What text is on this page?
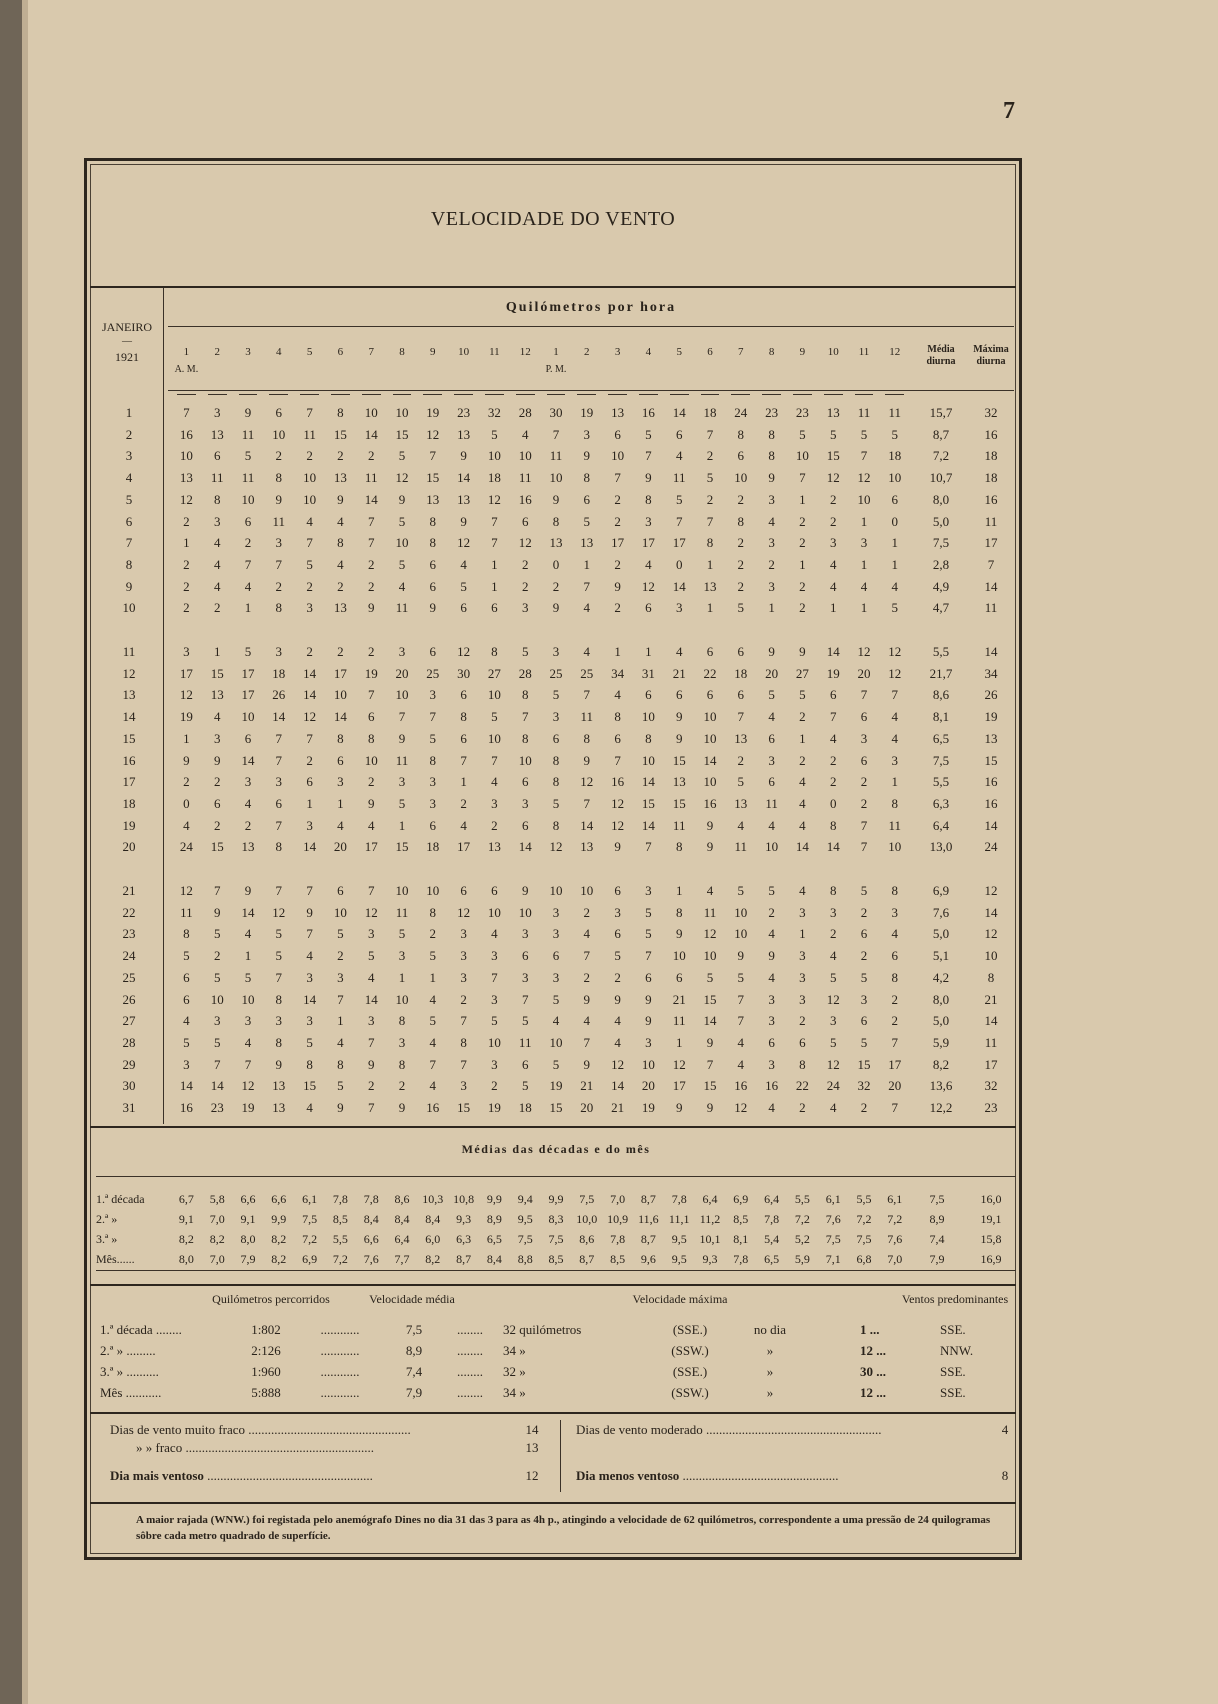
7
VELOCIDADE DO VENTO
JANEIRO
—
1921
Quilómetros por hora
1	2	3	4	5	6	7	8	9	10	11	12	1	2	3	4	5	6	7	8	9	10	11	12
A. M.	P. M.
Média diurna
Máxima diurna
1	7	3	9	6	7	8	10	10	19	23	32	28	30	19	13	16	14	18	24	23	23	13	11	11	15,7	32
2	16	13	11	10	11	15	14	15	12	13	5	4	7	3	6	5	6	7	8	8	5	5	5	5	8,7	16
3	10	6	5	2	2	2	2	5	7	9	10	10	11	9	10	7	4	2	6	8	10	15	7	18	7,2	18
4	13	11	11	8	10	13	11	12	15	14	18	11	10	8	7	9	11	5	10	9	7	12	12	10	10,7	18
5	12	8	10	9	10	9	14	9	13	13	12	16	9	6	2	8	5	2	2	3	1	2	10	6	8,0	16
6	2	3	6	11	4	4	7	5	8	9	7	6	8	5	2	3	7	7	8	4	2	2	1	0	5,0	11
7	1	4	2	3	7	8	7	10	8	12	7	12	13	13	17	17	17	8	2	3	2	3	3	1	7,5	17
8	2	4	7	7	5	4	2	5	6	4	1	2	0	1	2	4	0	1	2	2	1	4	1	1	2,8	7
9	2	4	4	2	2	2	2	4	6	5	1	2	2	7	9	12	14	13	2	3	2	4	4	4	4,9	14
10	2	2	1	8	3	13	9	11	9	6	6	3	9	4	2	6	3	1	5	1	2	1	1	5	4,7	11
11	3	1	5	3	2	2	2	3	6	12	8	5	3	4	1	1	4	6	6	9	9	14	12	12	5,5	14
12	17	15	17	18	14	17	19	20	25	30	27	28	25	25	34	31	21	22	18	20	27	19	20	12	21,7	34
13	12	13	17	26	14	10	7	10	3	6	10	8	5	7	4	6	6	6	6	5	5	6	7	7	8,6	26
14	19	4	10	14	12	14	6	7	7	8	5	7	3	11	8	10	9	10	7	4	2	7	6	4	8,1	19
15	1	3	6	7	7	8	8	9	5	6	10	8	6	8	6	8	9	10	13	6	1	4	3	4	6,5	13
16	9	9	14	7	2	6	10	11	8	7	7	10	8	9	7	10	15	14	2	3	2	2	6	3	7,5	15
17	2	2	3	3	6	3	2	3	3	1	4	6	8	12	16	14	13	10	5	6	4	2	2	1	5,5	16
18	0	6	4	6	1	1	9	5	3	2	3	3	5	7	12	15	15	16	13	11	4	0	2	8	6,3	16
19	4	2	2	7	3	4	4	1	6	4	2	6	8	14	12	14	11	9	4	4	4	8	7	11	6,4	14
20	24	15	13	8	14	20	17	15	18	17	13	14	12	13	9	7	8	9	11	10	14	14	7	10	13,0	24
21	12	7	9	7	7	6	7	10	10	6	6	9	10	10	6	3	1	4	5	5	4	8	5	8	6,9	12
22	11	9	14	12	9	10	12	11	8	12	10	10	3	2	3	5	8	11	10	2	3	3	2	3	7,6	14
23	8	5	4	5	7	5	3	5	2	3	4	3	3	4	6	5	9	12	10	4	1	2	6	4	5,0	12
24	5	2	1	5	4	2	5	3	5	3	3	6	6	7	5	7	10	10	9	9	3	4	2	6	5,1	10
25	6	5	5	7	3	3	4	1	1	3	7	3	3	2	2	6	6	5	5	4	3	5	5	8	4,2	8
26	6	10	10	8	14	7	14	10	4	2	3	7	5	9	9	9	21	15	7	3	3	12	3	2	8,0	21
27	4	3	3	3	3	1	3	8	5	7	5	5	4	4	4	9	11	14	7	3	2	3	6	2	5,0	14
28	5	5	4	8	5	4	7	3	4	8	10	11	10	7	4	3	1	9	4	6	6	5	5	7	5,9	11
29	3	7	7	9	8	8	9	8	7	7	3	6	5	9	12	10	12	7	4	3	8	12	15	17	8,2	17
30	14	14	12	13	15	5	2	2	4	3	2	5	19	21	14	20	17	15	16	16	22	24	32	20	13,6	32
31	16	23	19	13	4	9	7	9	16	15	19	18	15	20	21	19	9	9	12	4	2	4	2	7	12,2	23
Médias das décadas e do mês
1.ª década	6,7	5,8	6,6	6,6	6,1	7,8	7,8	8,6	10,3 10,8	9,9	9,4	9,9	7,5	7,0	8,7	7,8	6,4	6,9	6,4	5,5	6,1	5,5	6,1	7,5	16,0
2.ª »	9,1	7,0	9,1	9,9	7,5	8,5	8,4	8,4	8,4	9,3	8,9	9,5	8,3	10,0 10,9 11,6 11,1 11,2	8,5	7,8	7,2	7,6	7,2	7,2	8,9	19,1
3.ª »	8,2	8,2	8,0	8,2	7,2	5,5	6,6	6,4	6,0	6,3	6,5	7,5	7,5	8,6	7,8	8,7	9,5	10,1	8,1	5,4	5,2	7,5	7,5	7,6	7,4	15,8
Mês......	8,0	7,0	7,9	8,2	6,9	7,2	7,6	7,7	8,2	8,7	8,4	8,8	8,5	8,7	8,5	9,6	9,5	9,3	7,8	6,5	5,9	7,1	6,8	7,0	7,9	16,9
Quilómetros percorridos	Velocidade média	Velocidade máxima	Ventos predominantes
1.ª década ........	1:802	............	7,5	........	32 quilómetros	(SSE.)	no dia	1 ...	SSE.
2.ª » .........	2:126	............	8,9	........	34 »	(SSW.)	»	12 ...	NNW.
3.ª » ..........	1:960	............	7,4	........	32 »	(SSE.)	»	30 ...	SSE.
Mês ...........	5:888	............	7,9	........	34 »	(SSW.)	»	12 ...	SSE.
Dias de vento muito fraco ..................................................	14
» » fraco ..........................................................	13
Dia mais ventoso ...................................................	12
Dias de vento moderado ......................................................	4
Dia menos ventoso ................................................	8
A maior rajada (WNW.) foi registada pelo anemógrafo Dines no dia 31 das 3 para as 4h p., atingindo a velocidade de 62 quilómetros, correspondente a uma pressão de 24 quilogramas sôbre cada metro quadrado de superfície.
